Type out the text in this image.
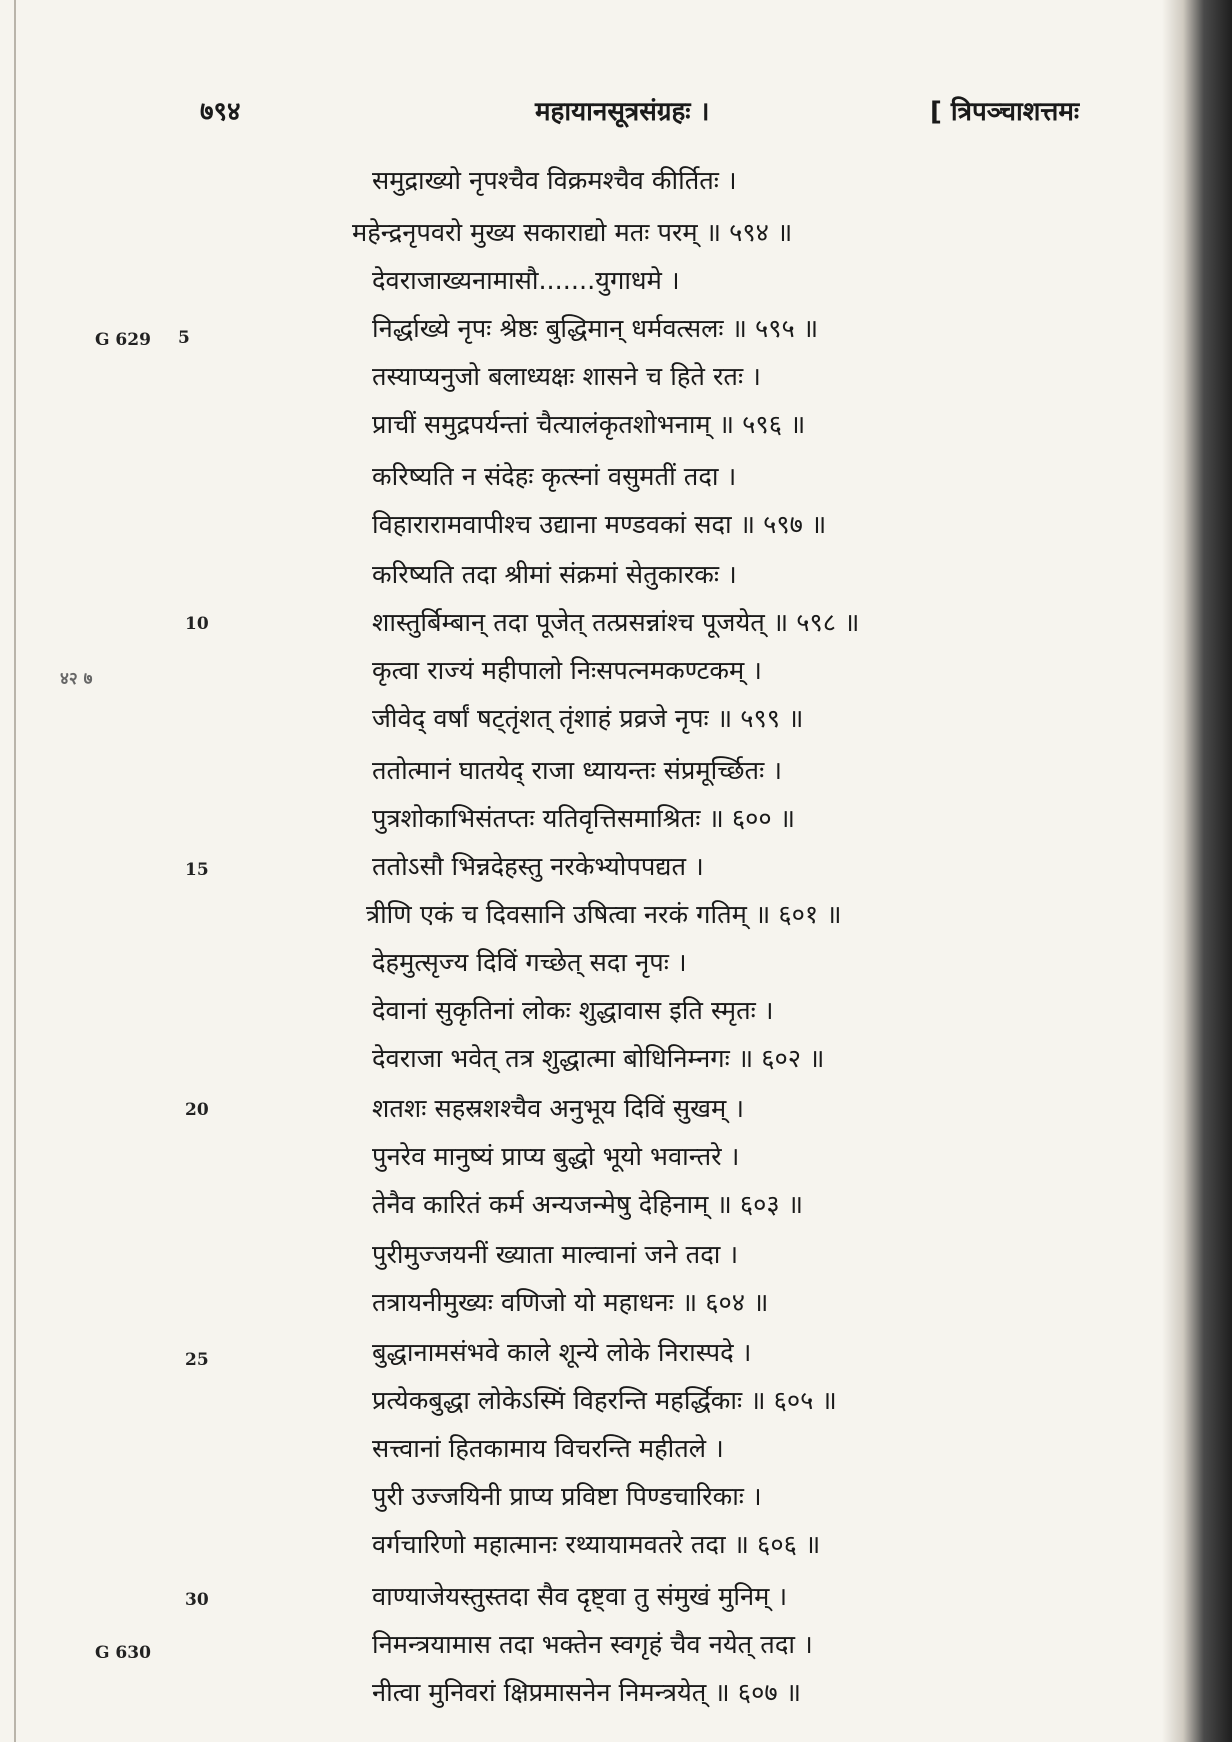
७९४	महायानसूत्रसंग्रहः ।	[ त्रिपञ्चाशत्तमः
G 629 5
10
४२ ७
15
20
25
30
G 630
समुद्राख्यो नृपश्चैव विक्रमश्चैव कीर्तितः ।
महेन्द्रनृपवरो मुख्य सकाराद्यो मतः परम् ॥ ५९४ ॥
देवराजाख्यनामासौ.......युगाधमे ।
निर्द्धाख्ये नृपः श्रेष्ठः बुद्धिमान् धर्मवत्सलः ॥ ५९५ ॥
तस्याप्यनुजो बलाध्यक्षः शासने च हिते रतः ।
प्राचीं समुद्रपर्यन्तां चैत्यालंकृतशोभनाम् ॥ ५९६ ॥
करिष्यति न संदेहः कृत्स्नां वसुमतीं तदा ।
विहारारामवापीश्च उद्याना मण्डवकां सदा ॥ ५९७ ॥
करिष्यति तदा श्रीमां संक्रमां सेतुकारकः ।
शास्तुर्बिम्बान् तदा पूजेत् तत्प्रसन्नांश्च पूजयेत् ॥ ५९८ ॥
कृत्वा राज्यं महीपालो निःसपत्नमकण्टकम् ।
जीवेद् वर्षां षट्तृंशत् तृंशाहं प्रव्रजे नृपः ॥ ५९९ ॥
ततोत्मानं घातयेद् राजा ध्यायन्तः संप्रमूर्च्छितः ।
पुत्रशोकाभिसंतप्तः यतिवृत्तिसमाश्रितः ॥ ६०० ॥
ततोऽसौ भिन्नदेहस्तु नरकेभ्योपपद्यत ।
त्रीणि एकं च दिवसानि उषित्वा नरकं गतिम् ॥ ६०१ ॥
देहमुत्सृज्य दिविं गच्छेत् सदा नृपः ।
देवानां सुकृतिनां लोकः शुद्धावास इति स्मृतः ।
देवराजा भवेत् तत्र शुद्धात्मा बोधिनिम्नगः ॥ ६०२ ॥
शतशः सहस्रशश्चैव अनुभूय दिविं सुखम् ।
पुनरेव मानुष्यं प्राप्य बुद्धो भूयो भवान्तरे ।
तेनैव कारितं कर्म अन्यजन्मेषु देहिनाम् ॥ ६०३ ॥
पुरीमुज्जयनीं ख्याता माल्वानां जने तदा ।
तत्रायनीमुख्यः वणिजो यो महाधनः ॥ ६०४ ॥
बुद्धानामसंभवे काले शून्ये लोके निरास्पदे ।
प्रत्येकबुद्धा लोकेऽस्मिं विहरन्ति महर्द्धिकाः ॥ ६०५ ॥
सत्त्वानां हितकामाय विचरन्ति महीतले ।
पुरी उज्जयिनी प्राप्य प्रविष्टा पिण्डचारिकाः ।
वर्गचारिणो महात्मानः रथ्यायामवतरे तदा ॥ ६०६ ॥
वाण्याजेयस्तुस्तदा सैव दृष्ट्वा तु संमुखं मुनिम् ।
निमन्त्रयामास तदा भक्तेन स्वगृहं चैव नयेत् तदा ।
नीत्वा मुनिवरां क्षिप्रमासनेन निमन्त्रयेत् ॥ ६०७ ॥
